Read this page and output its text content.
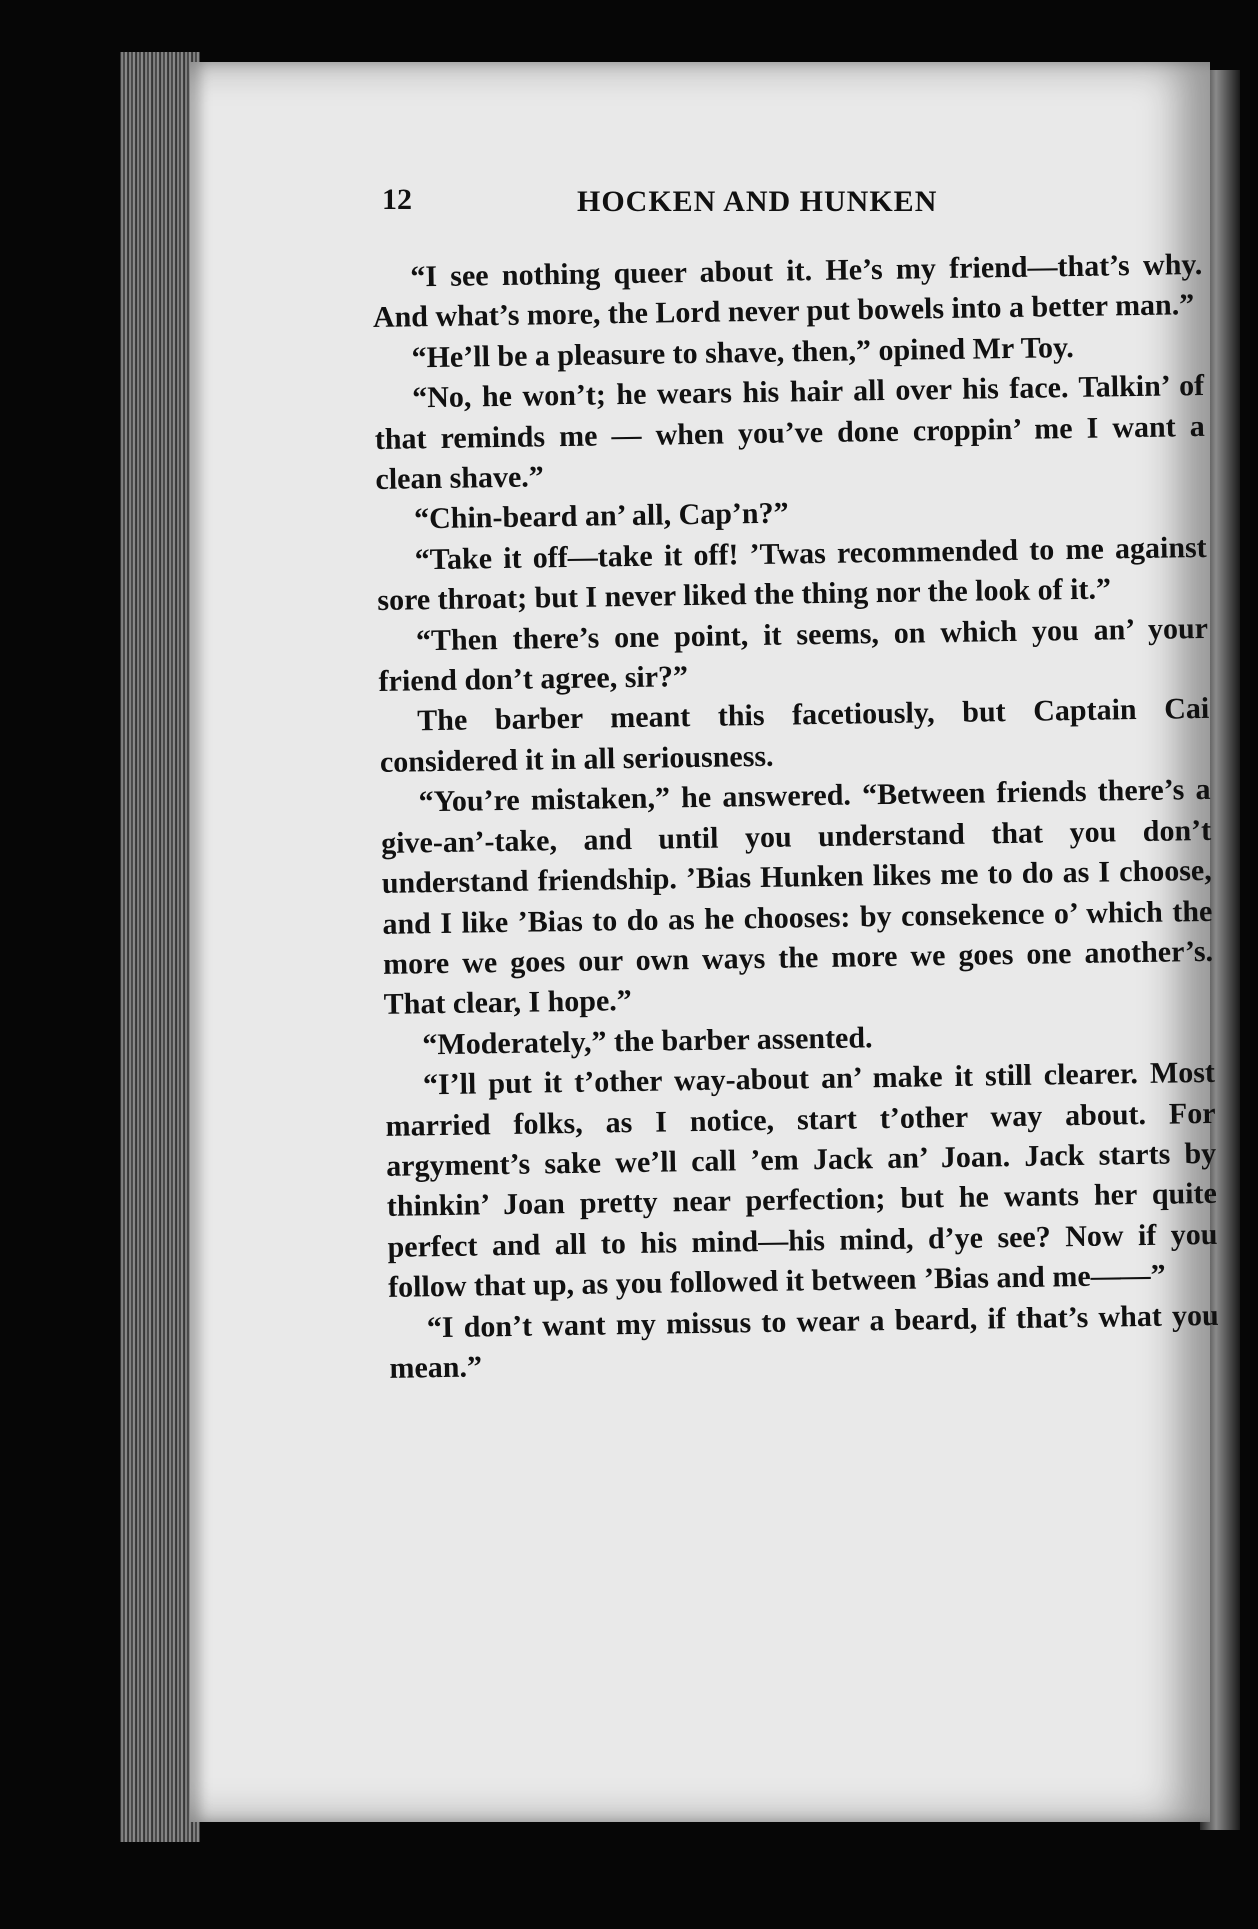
12	HOCKEN AND HUNKEN

“I see nothing queer about it. He’s my friend—that’s why. And what’s more, the Lord never put bowels into a better man.”

“He’ll be a pleasure to shave, then,” opined Mr Toy.

“No, he won’t; he wears his hair all over his face. Talkin’ of that reminds me — when you’ve done croppin’ me I want a clean shave.”

“Chin-beard an’ all, Cap’n?”

“Take it off—take it off! ’Twas recommended to me against sore throat; but I never liked the thing nor the look of it.”

“Then there’s one point, it seems, on which you an’ your friend don’t agree, sir?”

The barber meant this facetiously, but Captain Cai considered it in all seriousness.

“You’re mistaken,” he answered. “Between friends there’s a give-an’-take, and until you understand that you don’t understand friendship. ’Bias Hunken likes me to do as I choose, and I like ’Bias to do as he chooses: by consekence o’ which the more we goes our own ways the more we goes one another’s. That clear, I hope.”

“Moderately,” the barber assented.

“I’ll put it t’other way-about an’ make it still clearer. Most married folks, as I notice, start t’other way about. For argyment’s sake we’ll call ’em Jack an’ Joan. Jack starts by thinkin’ Joan pretty near perfection; but he wants her quite perfect and all to his mind—his mind, d’ye see? Now if you follow that up, as you followed it between ’Bias and me——”

“I don’t want my missus to wear a beard, if that’s what you mean.”
